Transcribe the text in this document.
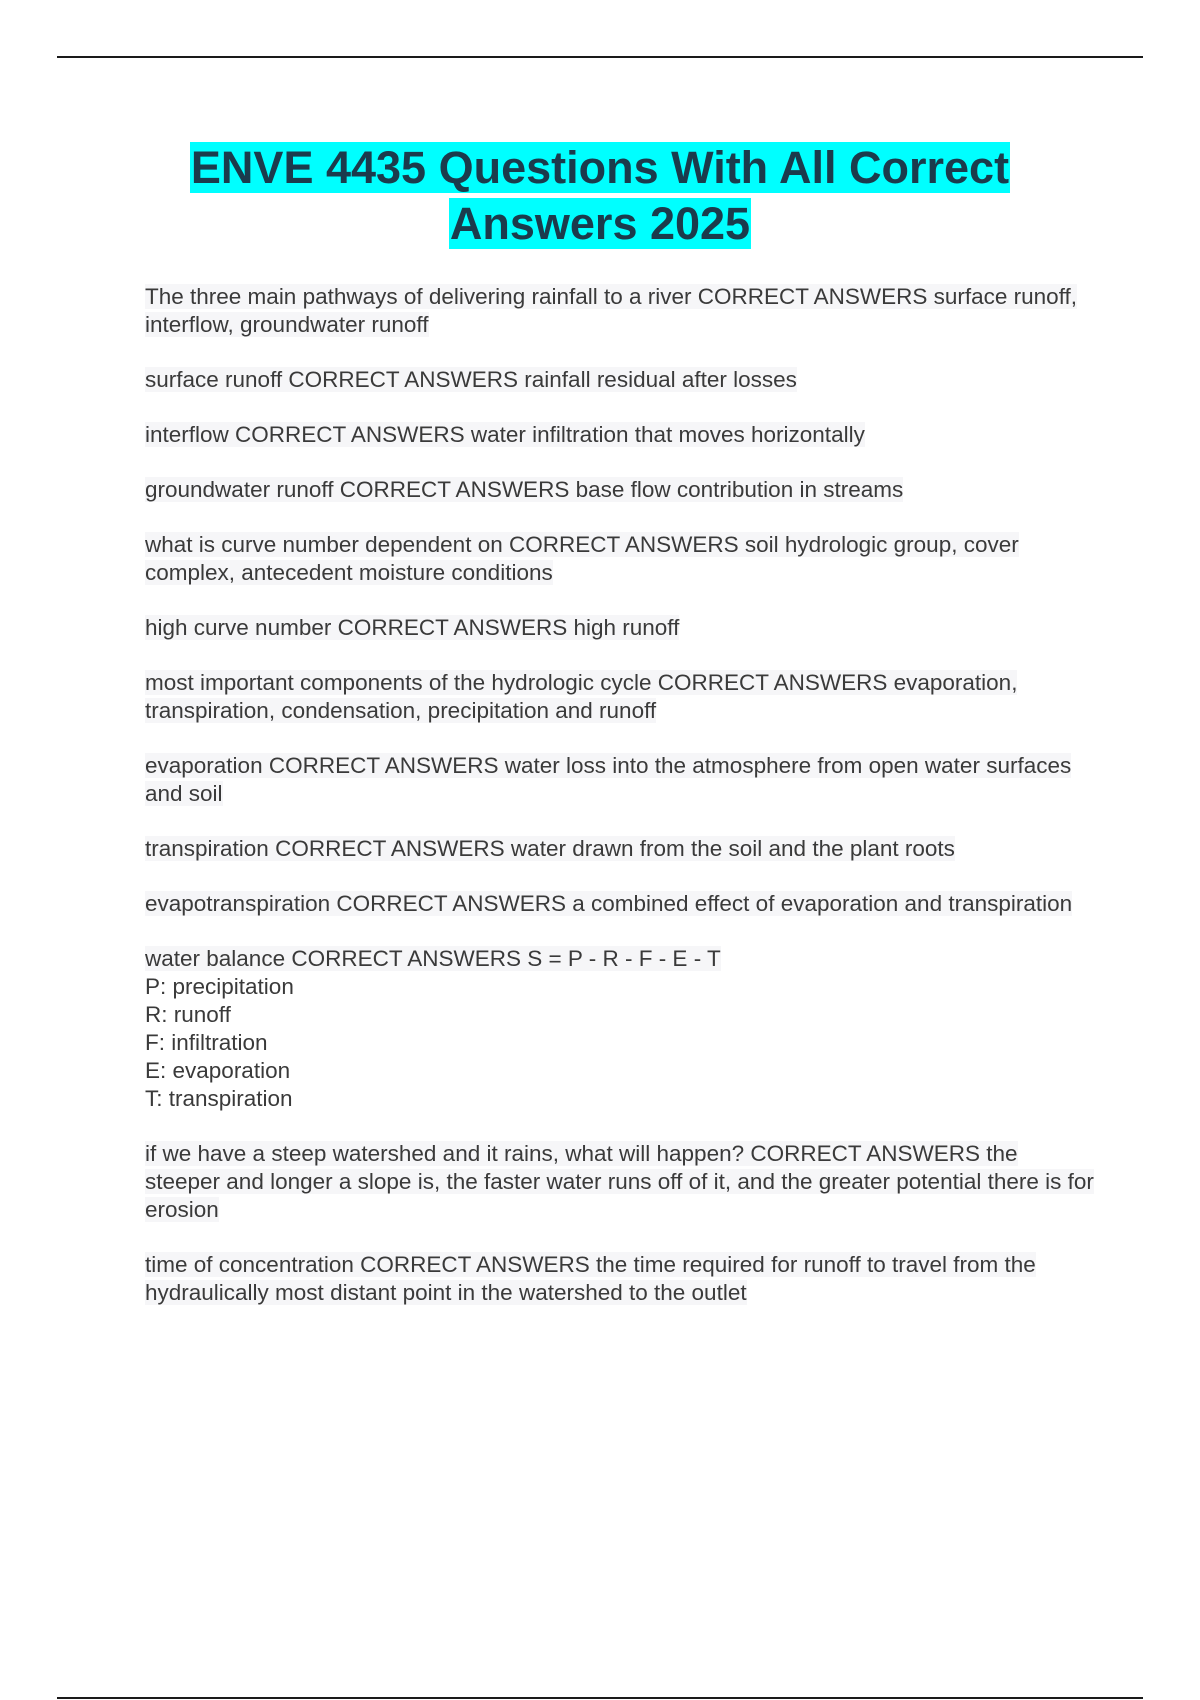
ENVE 4435 Questions With All Correct
Answers 2025

The three main pathways of delivering rainfall to a river CORRECT ANSWERS surface runoff, interflow, groundwater runoff

surface runoff CORRECT ANSWERS rainfall residual after losses

interflow CORRECT ANSWERS water infiltration that moves horizontally

groundwater runoff CORRECT ANSWERS base flow contribution in streams

what is curve number dependent on CORRECT ANSWERS soil hydrologic group, cover complex, antecedent moisture conditions

high curve number CORRECT ANSWERS high runoff

most important components of the hydrologic cycle CORRECT ANSWERS evaporation, transpiration, condensation, precipitation and runoff

evaporation CORRECT ANSWERS water loss into the atmosphere from open water surfaces and soil

transpiration CORRECT ANSWERS water drawn from the soil and the plant roots

evapotranspiration CORRECT ANSWERS a combined effect of evaporation and transpiration

water balance CORRECT ANSWERS S = P - R - F - E - T
P: precipitation
R: runoff
F: infiltration
E: evaporation
T: transpiration

if we have a steep watershed and it rains, what will happen? CORRECT ANSWERS the steeper and longer a slope is, the faster water runs off of it, and the greater potential there is for erosion

time of concentration CORRECT ANSWERS the time required for runoff to travel from the hydraulically most distant point in the watershed to the outlet
